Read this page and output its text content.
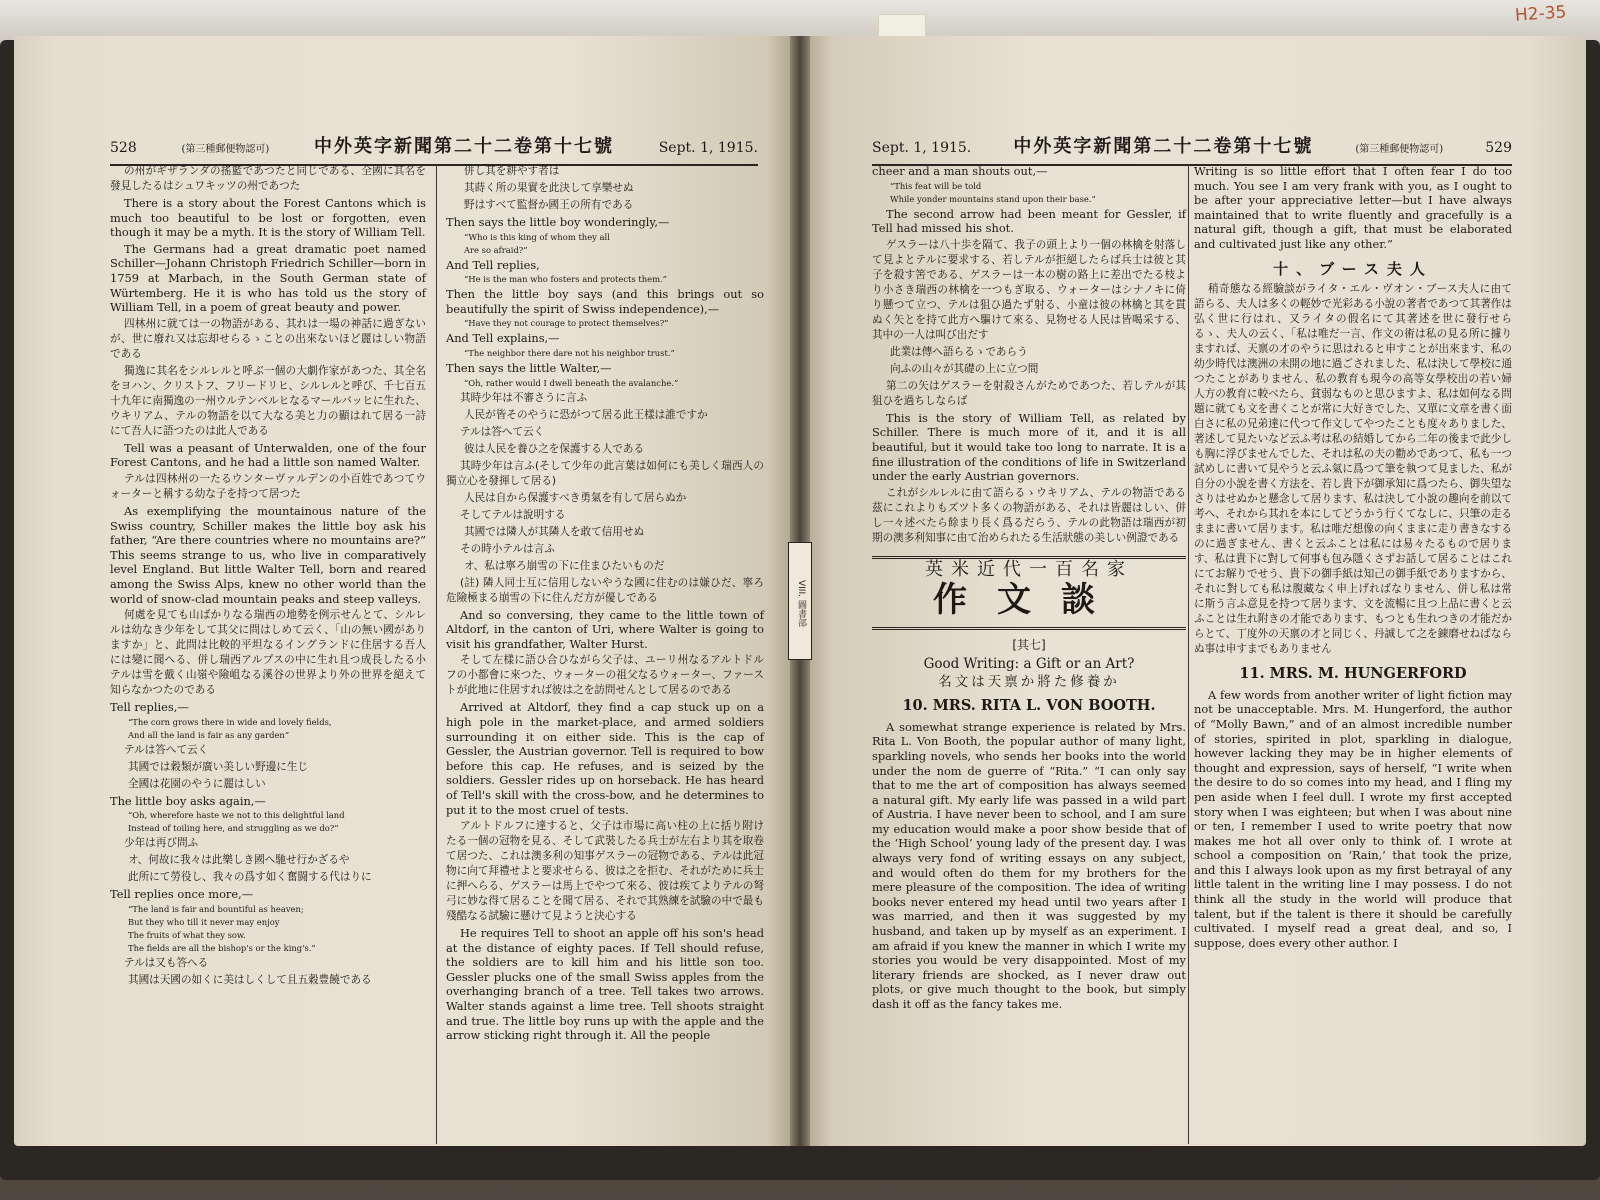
H2-35
528	(第三種郵便物認可) 中外英字新聞第二十二卷第十七號	Sept. 1, 1915.

の州がギザランダの搖籃であつたと同じである、全國に其名を發見したるはシュワキッツの州であつた

There is a story about the Forest Cantons which is much too beautiful to be lost or forgotten, even though it may be a myth. It is the story of William Tell.

The Germans had a great dramatic poet named Schiller—Johann Christoph Friedrich Schiller—born in 1759 at Marbach, in the South German state of Würtemberg. He it is who has told us the story of William Tell, in a poem of great beauty and power.

四林州に就ては一の物語がある、其れは一場の神話に過ぎないが、世に廢れ又は忘却せらるゝことの出來ないほど麗はしい物語である

獨逸に其名をシルレルと呼ぶ一個の大劇作家があつた、其全名をヨハン、クリストフ、フリードリヒ、シルレルと呼び、千七百五十九年に南獨逸の一州ウルテンベルヒなるマールバッヒに生れた、ウキリアム、テルの物語を以て大なる美と力の顯はれて居る一詩にて吾人に語つたのは此人である

Tell was a peasant of Unterwalden, one of the four Forest Cantons, and he had a little son named Walter.

テルは四林州の一たるウンターヴァルデンの小百姓であつてウォーターと稱する幼な子を持つて居つた

As exemplifying the mountainous nature of the Swiss country, Schiller makes the little boy ask his father, “Are there countries where no mountains are?” This seems strange to us, who live in comparatively level England. But little Walter Tell, born and reared among the Swiss Alps, knew no other world than the world of snow-clad mountain peaks and steep valleys.

何處を見ても山ばかりなる瑞西の地勢を例示せんとて、シルレルは幼なき少年をして其父に問はしめて云く、「山の無い國がありますか」と、此問は比較的平坦なるイングランドに住居する吾人には變に聞へる、併し瑞西アルプスの中に生れ且つ成長したる小テルは雪を戴く山嶺や險岨なる溪谷の世界より外の世界を絕えて知らなかつたのである

Tell replies,—

“The corn grows there in wide and lovely fields,

And all the land is fair as any garden”

テルは答へて云く

其國では穀類が廣い美しい野邊に生じ

全國は花園のやうに麗はしい

The little boy asks again,—

“Oh, wherefore haste we not to this delightful land

Instead of toiling here, and struggling as we do?”

少年は再び問ふ

オ、何故に我々は此樂しき國へ馳せ行かざるや

此所にて勞役し、我々の爲す如く奮闘する代はりに

Tell replies once more,—

“The land is fair and bountiful as heaven;

But they who till it never may enjoy

The fruits of what they sow.

The fields are all the bishop's or the king's.”

テルは又も答へる

其國は天國の如くに美はしくして且五穀豊饒である

併し其を耕やす者は

其蒔く所の果實を此決して享樂せぬ

野はすべて監督か國王の所有である

Then says the little boy wonderingly,—

“Who is this king of whom they all

Are so afraid?”

And Tell replies,

“He is the man who fosters and protects them.”

Then the little boy says (and this brings out so beautifully the spirit of Swiss independence),—

“Have they not courage to protect themselves?”

And Tell explains,—

“The neighbor there dare not his neighbor trust.”

Then says the little Walter,—

“Oh, rather would I dwell beneath the avalanche.”

其時少年は不審さうに言ふ

人民が皆そのやうに恐がつて居る此王樣は誰ですか

テルは答へて云く

彼は人民を養ひ之を保護する人である

其時少年は言ふ(そして少年の此言葉は如何にも美しく瑞西人の獨立心を發揮して居る)

人民は自から保護すべき勇氣を有して居らぬか

そしてテルは說明する

其國では隣人が其隣人を敢て信用せぬ

その時小テルは言ふ

オ、私は寧ろ崩雪の下に住まひたいものだ

(註) 隣人同士互に信用しないやうな國に住むのは嫌ひだ、寧ろ危險極まる崩雪の下に住んだ方が優しである

And so conversing, they came to the little town of Altdorf, in the canton of Uri, where Walter is going to visit his grandfather, Walter Hurst.

そして左樣に語ひ合ひながら父子は、ユーリ州なるアルトドルフの小都會に來つた、ウォーターの祖父なるウォーター、ファーストが此地に住居すれば彼は之を訪問せんとして居るのである

Arrived at Altdorf, they find a cap stuck up on a high pole in the market-place, and armed soldiers surrounding it on either side. This is the cap of Gessler, the Austrian governor. Tell is required to bow before this cap. He refuses, and is seized by the soldiers. Gessler rides up on horseback. He has heard of Tell's skill with the cross-bow, and he determines to put it to the most cruel of tests.

アルトドルフに達すると、父子は市場に高い柱の上に括り附けたる一個の冠物を見る、そして武裝したる兵士が左右より其を取卷て居つた、これは澳多利の知事ゲスラーの冠物である、テルは此冠物に向て拜禮せよと要求せらる、彼は之を拒む、それがために兵士に押へらる、ゲスラーは馬上でやつて來る、彼は疾てよりテルの弩弓に妙な得て居ることを聞て居る、それで其熟練を試驗の中で最も殘酷なる試驗に懸けて見ようと決心する

He requires Tell to shoot an apple off his son's head at the distance of eighty paces. If Tell should refuse, the soldiers are to kill him and his little son too. Gessler plucks one of the small Swiss apples from the overhanging branch of a tree. Tell takes two arrows. Walter stands against a lime tree. Tell shoots straight and true. The little boy runs up with the apple and the arrow sticking right through it. All the people

Sept. 1, 1915. 中外英字新聞第二十二卷第十七號	(第三種郵便物認可)	529

cheer and a man shouts out,—

“This feat will be told

While yonder mountains stand upon their base.”

The second arrow had been meant for Gessler, if Tell had missed his shot.

ゲスラーは八十歩を隔て、我子の頭上より一個の林檎を射落して見よとテルに要求する、若しテルが拒絕したらば兵士は彼と其子を殺す筈である、ゲスラーは一本の樹の路上に差出でたる枝より小さき瑞西の林檎を一つもぎ取る、ウォーターはシナノキに倚り懸つて立つ、テルは狙ひ過たず射る、小童は彼の林檎と其を貫ぬく矢とを持て此方へ驅けて來る、見物せる人民は皆喝采する、其中の一人は叫び出だす

此業は傳へ語らるゝであらう

向ふの山々が其礎の上に立つ間

第二の矢はゲスラーを射殺さんがためであつた、若しテルが其狙ひを過ちしならば

This is the story of William Tell, as related by Schiller. There is much more of it, and it is all beautiful, but it would take too long to narrate. It is a fine illustration of the conditions of life in Switzerland under the early Austrian governors.

これがシルレルに由て語らるゝウキリアム、テルの物語である茲にこれよりもズツト多くの物語がある、それは皆麗はしい、併し一々述べたら餘まり長く爲るだらう、テルの此物語は瑞西が初期の澳多利知事に由て治められたる生活狀態の美しい例證である

英米近代一百名家
作文談
[其七]
Good Writing: a Gift or an Art?
名文は天禀か將た修養か
10. MRS. RITA L. VON BOOTH.

A somewhat strange experience is related by Mrs. Rita L. Von Booth, the popular author of many light, sparkling novels, who sends her books into the world under the nom de guerre of “Rita.” “I can only say that to me the art of composition has always seemed a natural gift. My early life was passed in a wild part of Austria. I have never been to school, and I am sure my education would make a poor show beside that of the ‘High School’ young lady of the present day. I was always very fond of writing essays on any subject, and would often do them for my brothers for the mere pleasure of the composition. The idea of writing books never entered my head until two years after I was married, and then it was suggested by my husband, and taken up by myself as an experiment. I am afraid if you knew the manner in which I write my stories you would be very disappointed. Most of my literary friends are shocked, as I never draw out plots, or give much thought to the book, but simply dash it off as the fancy takes me.

Writing is so little effort that I often fear I do too much. You see I am very frank with you, as I ought to be after your appreciative letter—but I have always maintained that to write fluently and gracefully is a natural gift, though a gift, that must be elaborated and cultivated just like any other.”

十、ブース夫人

稍奇態なる經驗談がライタ・エル・ヴオン・ブース夫人に由て語らる、夫人は多くの輕妙で光彩ある小說の著者であつて其著作は弘く世に行はれ、又ライタの假名にて其著述を世に發行せらるゝ、夫人の云く、「私は唯だ一言、作文の術は私の見る所に據りますれば、天禀の才のやうに思はれると申すことが出來ます、私の幼少時代は澳洲の未開の地に過ごされました、私は決して學校に通つたことがありません、私の教育も現今の高等女學校出の若い婦人方の教育に較べたら、貧弱なものと思ひますよ、私は如何なる問題に就ても文を書くことが常に大好きでした、又單に文章を書く面白さに私の兄弟達に代つて作文してやつたことも度々ありました、著述して見たいなど云ふ考は私の結婚してから二年の後まで此少しも胸に浮びませんでした、それは私の夫の勸めであつて、私も一つ試めしに書いて見やうと云ふ氣に爲つて筆を執つて見ました、私が自分の小說を書く方法を、若し貴下が御承知に爲つたら、御失望なさりはせぬかと懸念して居ります、私は決して小說の趣向を前以て考へ、それから其れを本にしてどうかう行くてなしに、只筆の走るままに書いて居ります。私は唯だ想像の向くままに走り書きなするのに過ぎません、書くと云ふことは私には易々たるもので居ります、私は貴下に對して何事も包み隱くさずお話して居ることはこれにてお解りでせう、貴下の御手紙は知己の御手紙でありますから、それに對しても私は腹藏なく申上げればなりません、併し私は常に斯う言ふ意見を持つて居ります、文を流暢に且つ上品に書くと云ふことは生れ附きの才能であります、もつとも生れつきの才能だからとて、丁度外の天禀の才と同じく、丹誠して之を錬磨せねばならぬ事は申すまでもありません

11. MRS. M. HUNGERFORD

A few words from another writer of light fiction may not be unacceptable. Mrs. M. Hungerford, the author of “Molly Bawn,” and of an almost incredible number of stories, spirited in plot, sparkling in dialogue, however lacking they may be in higher elements of thought and expression, says of herself, “I write when the desire to do so comes into my head, and I fling my pen aside when I feel dull. I wrote my first accepted story when I was eighteen; but when I was about nine or ten, I remember I used to write poetry that now makes me hot all over only to think of. I wrote at school a composition on ‘Rain,’ that took the prize, and this I always look upon as my first betrayal of any little talent in the writing line I may possess. I do not think all the study in the world will produce that talent, but if the talent is there it should be carefully cultivated. I myself read a great deal, and so, I suppose, does every other author. I

VIII. 圖書部
